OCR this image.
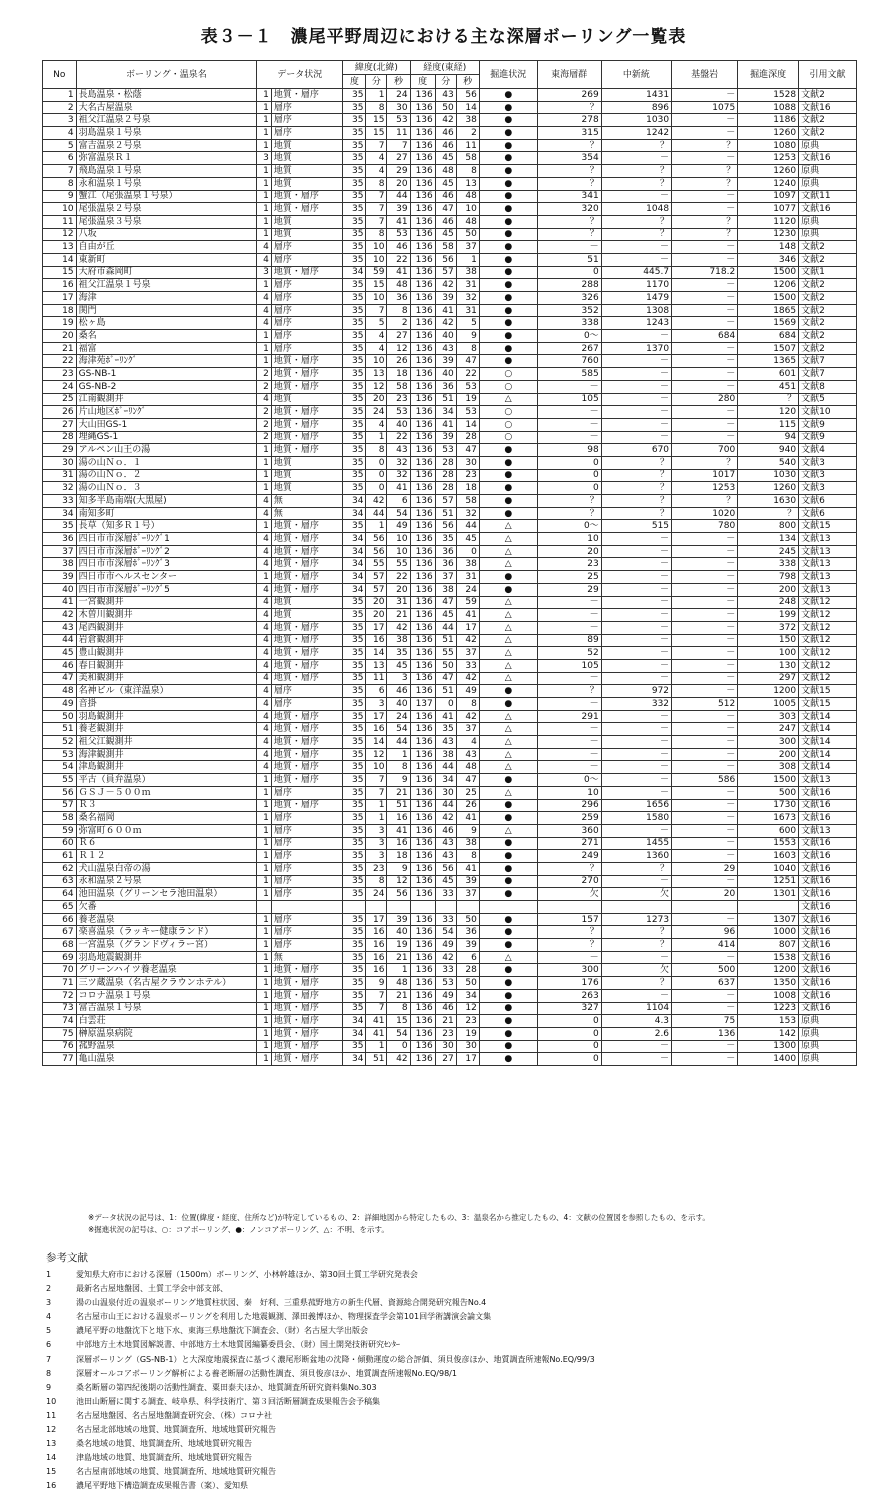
表３－１　濃尾平野周辺における主な深層ボーリング一覧表
No	ボーリング・温泉名	データ状況		緯度(北緯)			経度(東経)			掘進状況	東海層群	中新統	基盤岩	掘進深度	引用文献
				度	分	秒	度	分	秒						
1	長島温泉・松蔭	1	地質・層序	35	1	24	136	43	56	●	269	1431	－	1528	文献2
2	大名古屋温泉	1	層序	35	8	30	136	50	14	●	？	896	1075	1088	文献16
3	祖父江温泉２号泉	1	層序	35	15	53	136	42	38	●	278	1030	－	1186	文献2
4	羽島温泉１号泉	1	層序	35	15	11	136	46	2	●	315	1242	－	1260	文献2
5	富吉温泉２号泉	1	地質	35	7	7	136	46	11	●	？	？	？	1080	原典
6	弥富温泉Ｒ１	3	地質	35	4	27	136	45	58	●	354	－	－	1253	文献16
7	飛島温泉１号泉	1	地質	35	4	29	136	48	8	●	？	？	？	1260	原典
8	永和温泉１号泉	1	地質	35	8	20	136	45	13	●	？	？	？	1240	原典
9	蟹江（尾張温泉１号泉）	1	地質・層序	35	7	44	136	46	48	●	341	－	－	1097	文献11
10	尾張温泉２号泉	1	地質・層序	35	7	39	136	47	10	●	320	1048	－	1077	文献16
11	尾張温泉３号泉	1	地質	35	7	41	136	46	48	●	？	？	？	1120	原典
12	八坂	1	地質	35	8	53	136	45	50	●	？	？	？	1230	原典
13	自由が丘	4	層序	35	10	46	136	58	37	●	－	－	－	148	文献2
14	東新町	4	層序	35	10	22	136	56	1	●	51	－	－	346	文献2
15	大府市森岡町	3	地質・層序	34	59	41	136	57	38	●	0	445.7	718.2	1500	文献1
16	祖父江温泉１号泉	1	層序	35	15	48	136	42	31	●	288	1170	－	1206	文献2
17	海津	4	層序	35	10	36	136	39	32	●	326	1479	－	1500	文献2
18	関門	4	層序	35	7	8	136	41	31	●	352	1308	－	1865	文献2
19	松ヶ島	4	層序	35	5	2	136	42	5	●	338	1243	－	1569	文献2
20	桑名	1	層序	35	4	27	136	40	9	●	0～	－	684	684	文献2
21	福富	1	層序	35	4	12	136	43	8	●	267	1370	－	1507	文献2
22	海津苑ﾎﾞｰﾘﾝｸﾞ	1	地質・層序	35	10	26	136	39	47	●	760	－	－	1365	文献7
23	GS-NB-1	2	地質・層序	35	13	18	136	40	22	○	585	－	－	601	文献7
24	GS-NB-2	2	地質・層序	35	12	58	136	36	53	○	－	－	－	451	文献8
25	江南観測井	4	地質	35	20	23	136	51	19	△	105	－	280	？	文献5
26	片山地区ﾎﾞｰﾘﾝｸﾞ	2	地質・層序	35	24	53	136	34	53	○	－	－	－	120	文献10
27	大山田GS-1	2	地質・層序	35	4	40	136	41	14	○	－	－	－	115	文献9
28	埋縄GS-1	2	地質・層序	35	1	22	136	39	28	○	－	－	－	94	文献9
29	アルペン山王の湯	1	地質・層序	35	8	43	136	53	47	●	98	670	700	940	文献4
30	湯の山Ｎｏ．１	1	地質	35	0	32	136	28	30	●	0	？	？	540	文献3
31	湯の山Ｎｏ．２	1	地質	35	0	32	136	28	23	●	0	？	1017	1030	文献3
32	湯の山Ｎｏ．３	1	地質	35	0	41	136	28	18	●	0	？	1253	1260	文献3
33	知多半島南端(大黒屋)	4	無	34	42	6	136	57	58	●	？	？	？	1630	文献6
34	南知多町	4	無	34	44	54	136	51	32	●	？	？	1020	？	文献6
35	長草（知多Ｒ１号）	1	地質・層序	35	1	49	136	56	44	△	0～	515	780	800	文献15
36	四日市市深層ﾎﾞｰﾘﾝｸﾞ1	4	地質・層序	34	56	10	136	35	45	△	10	－	－	134	文献13
37	四日市市深層ﾎﾞｰﾘﾝｸﾞ2	4	地質・層序	34	56	10	136	36	0	△	20	－	－	245	文献13
38	四日市市深層ﾎﾞｰﾘﾝｸﾞ3	4	地質・層序	34	55	55	136	36	38	△	23	－	－	338	文献13
39	四日市市ヘルスセンター	1	地質・層序	34	57	22	136	37	31	●	25	－	－	798	文献13
40	四日市市深層ﾎﾞｰﾘﾝｸﾞ5	4	地質・層序	34	57	20	136	38	24	●	29	－	－	200	文献13
41	一宮観測井	4	地質	35	20	31	136	47	59	△	－	－	－	248	文献12
42	木曽川観測井	4	地質	35	20	21	136	45	41	△	－	－	－	199	文献12
43	尾西観測井	4	地質・層序	35	17	42	136	44	17	△	－	－	－	372	文献12
44	岩倉観測井	4	地質・層序	35	16	38	136	51	42	△	89	－	－	150	文献12
45	豊山観測井	4	地質・層序	35	14	35	136	55	37	△	52	－	－	100	文献12
46	春日観測井	4	地質・層序	35	13	45	136	50	33	△	105	－	－	130	文献12
47	美和観測井	4	地質・層序	35	11	3	136	47	42	△	－	－	－	297	文献12
48	名神ビル（東洋温泉）	4	層序	35	6	46	136	51	49	●	？	972	－	1200	文献15
49	音掛	4	層序	35	3	40	137	0	8	●	－	332	512	1005	文献15
50	羽島観測井	4	地質・層序	35	17	24	136	41	42	△	291	－	－	303	文献14
51	養老観測井	4	地質・層序	35	16	54	136	35	37	△	－	－	－	247	文献14
52	祖父江観測井	4	地質・層序	35	14	44	136	43	4	△	－	－	－	300	文献14
53	海津観測井	4	地質・層序	35	12	1	136	38	43	△	－	－	－	200	文献14
54	津島観測井	4	地質・層序	35	10	8	136	44	48	△	－	－	－	308	文献14
55	平古（員弁温泉）	1	地質・層序	35	7	9	136	34	47	●	0～	－	586	1500	文献13
56	ＧＳＪ－５００ｍ	1	層序	35	7	21	136	30	25	△	10	－	－	500	文献16
57	Ｒ３	1	地質・層序	35	1	51	136	44	26	●	296	1656	－	1730	文献16
58	桑名福岡	1	層序	35	1	16	136	42	41	●	259	1580	－	1673	文献16
59	弥富町６００ｍ	1	層序	35	3	41	136	46	9	△	360	－	－	600	文献13
60	Ｒ６	1	層序	35	3	16	136	43	38	●	271	1455	－	1553	文献16
61	Ｒ１２	1	層序	35	3	18	136	43	8	●	249	1360	－	1603	文献16
62	犬山温泉白帝の湯	1	層序	35	23	9	136	56	41	●	？	？	29	1040	文献16
63	永和温泉２号泉	1	層序	35	8	12	136	45	39	●	270	－	－	1251	文献16
64	池田温泉（グリーンセラ池田温泉）	1	層序	35	24	56	136	33	37	●	欠	欠	20	1301	文献16
65	欠番														文献16
66	養老温泉	1	層序	35	17	39	136	33	50	●	157	1273	－	1307	文献16
67	楽喜温泉（ラッキー健康ランド）	1	層序	35	16	40	136	54	36	●	？	？	96	1000	文献16
68	一宮温泉（グランドヴィラー宮）	1	層序	35	16	19	136	49	39	●	？	？	414	807	文献16
69	羽島地震観測井	1	無	35	16	21	136	42	6	△	－	－	－	1538	文献16
70	グリーンハイツ養老温泉	1	地質・層序	35	16	1	136	33	28	●	300	欠	500	1200	文献16
71	三ツ蔵温泉（名古屋クラウンホテル）	1	地質・層序	35	9	48	136	53	50	●	176	？	637	1350	文献16
72	コロナ温泉１号泉	1	地質・層序	35	7	21	136	49	34	●	263	－	－	1008	文献16
73	富吉温泉１号泉	1	地質・層序	35	7	8	136	46	12	●	327	1104	－	1223	文献16
74	白雲荘	1	地質・層序	34	41	15	136	21	23	●	0	4.3	75	153	原典
75	榊原温泉病院	1	地質・層序	34	41	54	136	23	19	●	0	2.6	136	142	原典
76	菰野温泉	1	地質・層序	35	1	0	136	30	30	●	0	－	－	1300	原典
77	亀山温泉	1	地質・層序	34	51	42	136	27	17	●	0	－	－	1400	原典
※データ状況の記号は、1：位置(緯度・経度、住所など)が特定しているもの、2：詳細地図から特定したもの、3：温泉名から推定したもの、4：文献の位置図を参照したもの、を示す。
※掘進状況の記号は、○：コアボーリング、●：ノンコアボーリング、△：不明、を示す。
参考文献
1	愛知県大府市における深層（1500m）ボーリング、小林幹雄ほか、第30回土質工学研究発表会
2	最新名古屋地盤図、土質工学会中部支部、
3	湯の山温泉付近の温泉ボーリング地質柱状図、秦　好利、三重県菰野地方の新生代層、資源総合開発研究報告No.4
4	名古屋市山王における温泉ボーリングを利用した地震観測、澤田義博ほか、物理探査学会第101回学術講演会論文集
5	濃尾平野の地盤沈下と地下水、東海三県地盤沈下調査会、（財）名古屋大学出版会
6	中部地方土木地質図解説書、中部地方土木地質図編纂委員会、（財）国土開発技術研究ｾﾝﾀｰ
7	深層ボーリング（GS-NB-1）と大深度地震探査に基づく濃尾形断盆地の沈降・傾動運度の総合評価、須貝俊彦ほか、地質調査所速報No.EQ/99/3
8	深層オールコアボーリング解析による養老断層の活動性調査、須貝俊彦ほか、地質調査所速報No.EQ/98/1
9	桑名断層の第四紀後期の活動性調査、粟田泰夫ほか、地質調査所研究資料集No.303
10 池田山断層に関する調査、岐阜県、科学技術庁、第３回活断層調査成果報告会予稿集
11 名古屋地盤図、名古屋地盤調査研究会、（株）コロナ社
12 名古屋北部地域の地質、地質調査所、地域地質研究報告
13 桑名地域の地質、地質調査所、地域地質研究報告
14 津島地域の地質、地質調査所、地域地質研究報告
15 名古屋南部地域の地質、地質調査所、地域地質研究報告
16 濃尾平野地下構造調査成果報告書（案）、愛知県
